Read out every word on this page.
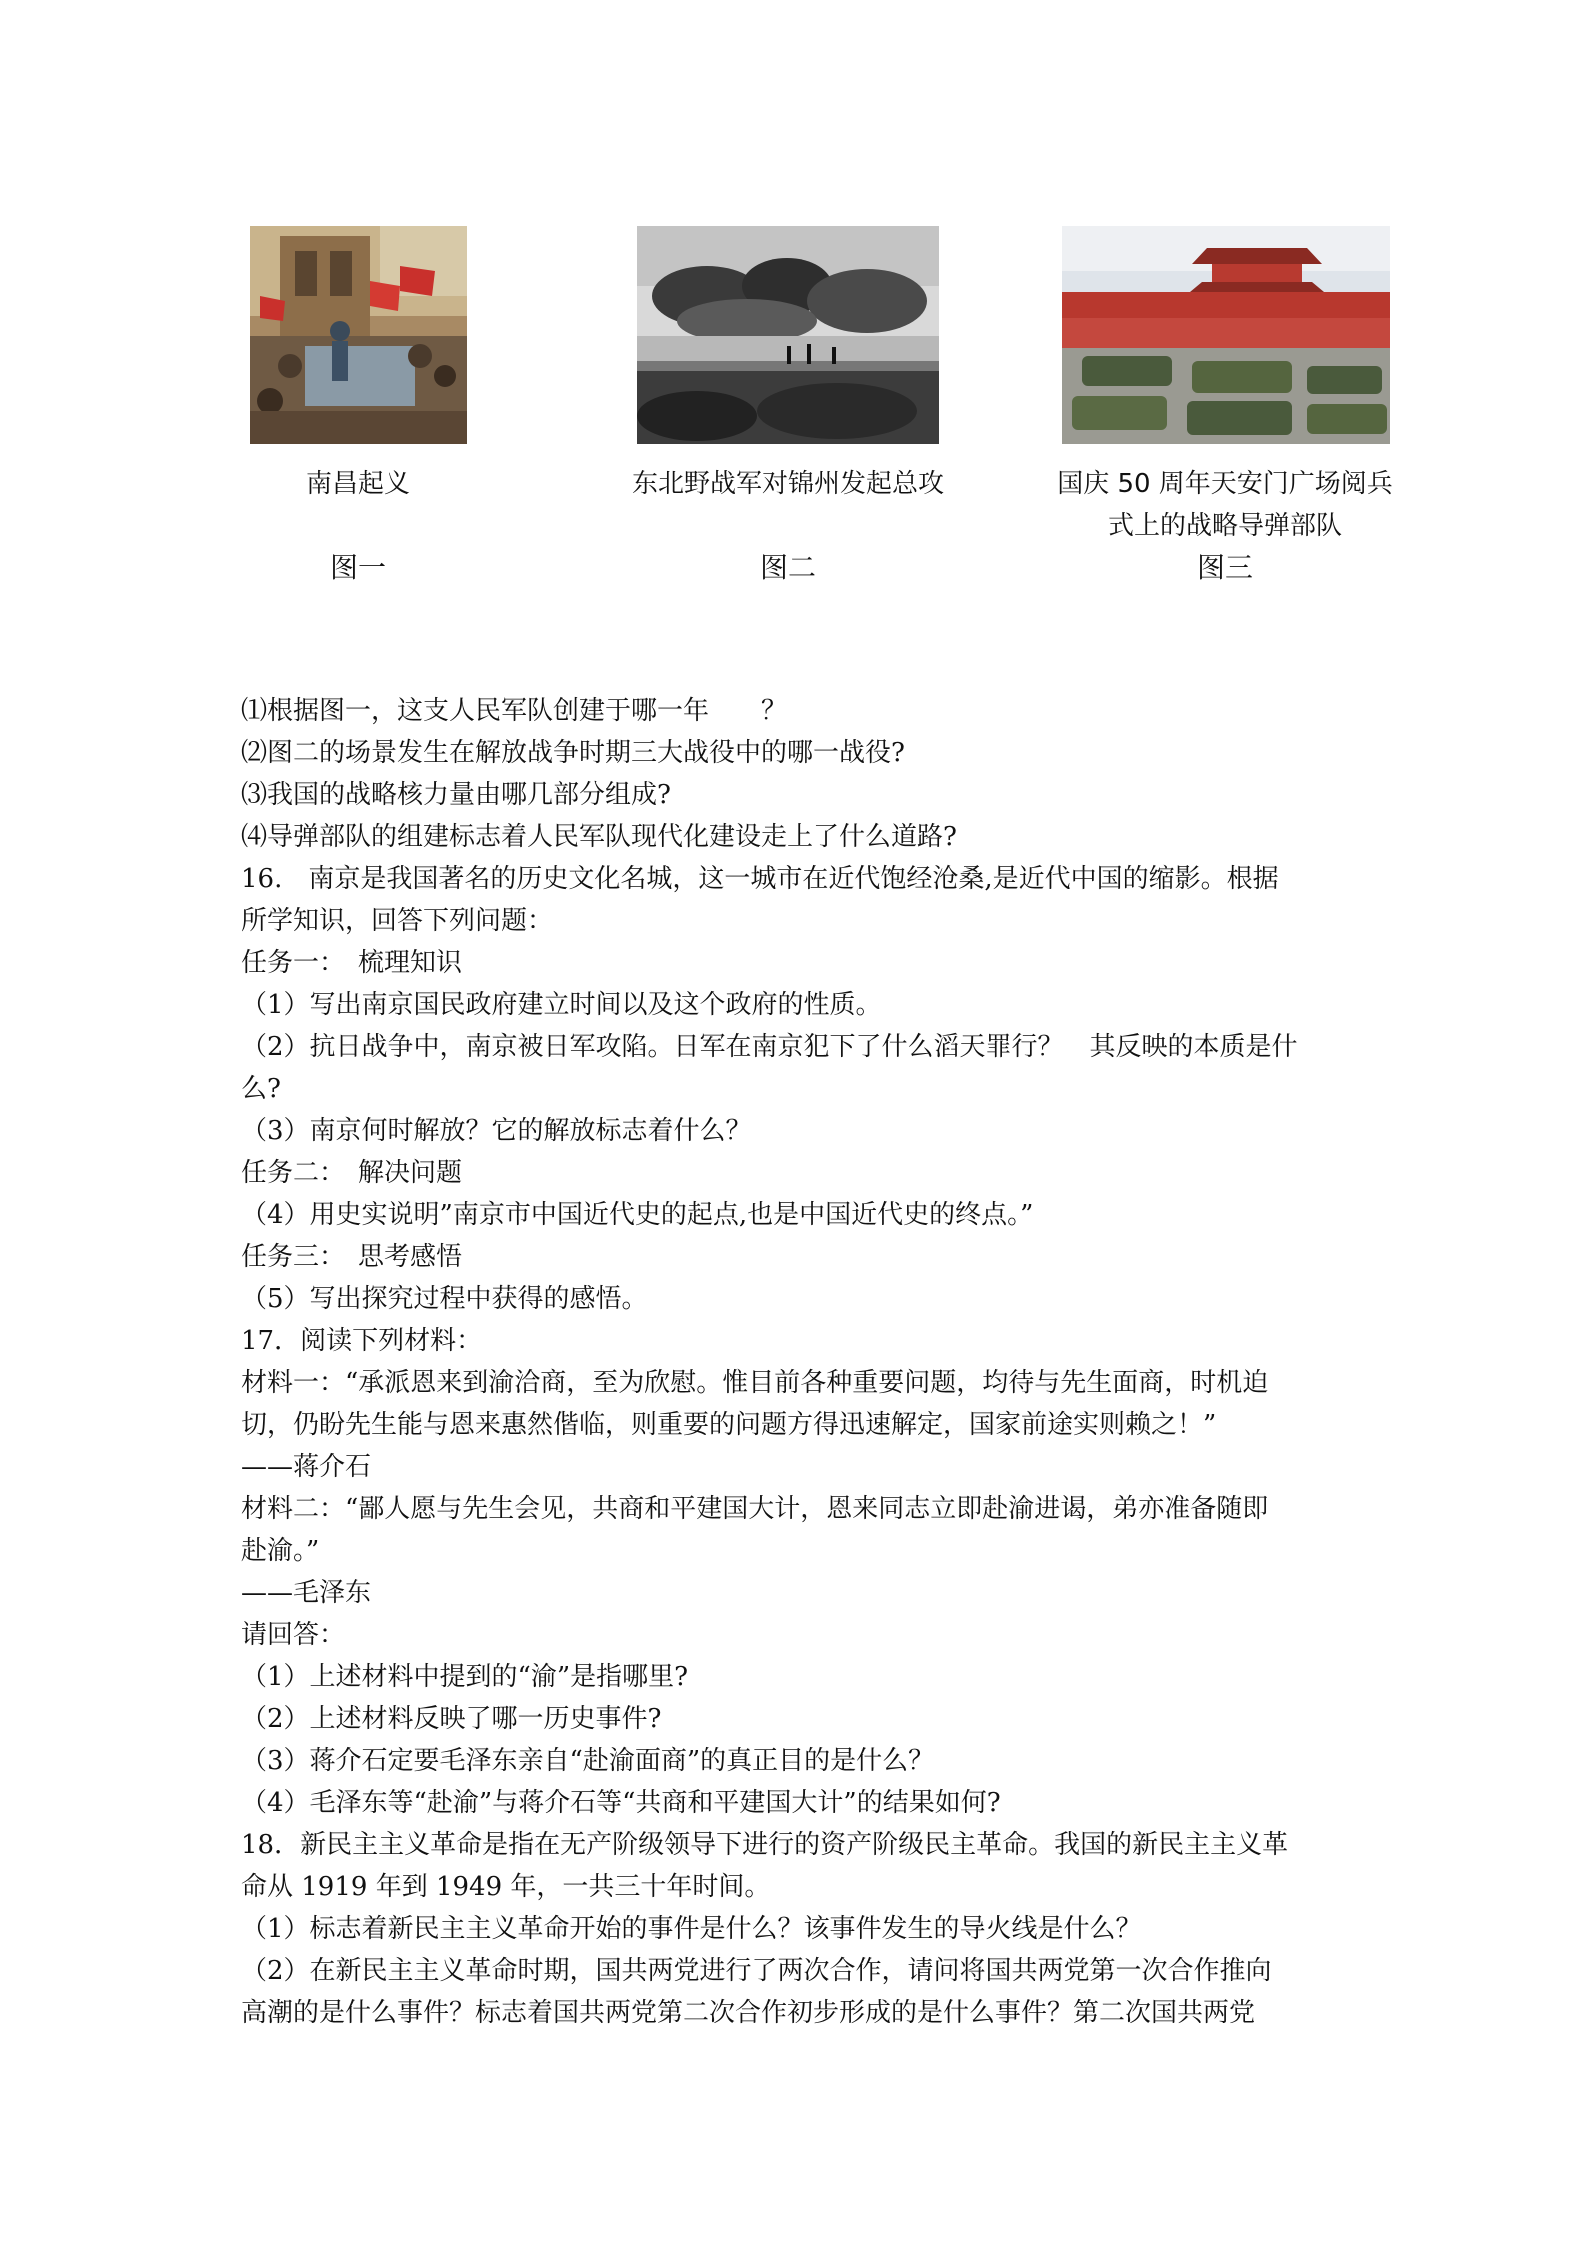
南昌起义
图一
东北野战军对锦州发起总攻
图二
国庆 50 周年天安门广场阅兵
式上的战略导弹部队
图三

⑴根据图一，这支人民军队创建于哪一年　　？

⑵图二的场景发生在解放战争时期三大战役中的哪一战役?

⑶我国的战略核力量由哪几部分组成?

⑷导弹部队的组建标志着人民军队现代化建设走上了什么道路?

16.　南京是我国著名的历史文化名城，这一城市在近代饱经沧桑,是近代中国的缩影。根据

所学知识，回答下列问题：

任务一：　梳理知识

（1）写出南京国民政府建立时间以及这个政府的性质。

（2）抗日战争中，南京被日军攻陷。日军在南京犯下了什么滔天罪行？　其反映的本质是什

么?

（3）南京何时解放？它的解放标志着什么？

任务二：　解决问题

（4）用史实说明”南京市中国近代史的起点,也是中国近代史的终点。”

任务三：　思考感悟

（5）写出探究过程中获得的感悟。

17．阅读下列材料：

材料一：“承派恩来到渝洽商，至为欣慰。惟目前各种重要问题，均待与先生面商，时机迫

切，仍盼先生能与恩来惠然偕临，则重要的问题方得迅速解定，国家前途实则赖之！”

——蒋介石

材料二：“鄙人愿与先生会见，共商和平建国大计，恩来同志立即赴渝进谒，弟亦准备随即

赴渝。”

——毛泽东

请回答：

（1）上述材料中提到的“渝”是指哪里?

（2）上述材料反映了哪一历史事件?

（3）蒋介石定要毛泽东亲自“赴渝面商”的真正目的是什么？

（4）毛泽东等“赴渝”与蒋介石等“共商和平建国大计”的结果如何?

18．新民主主义革命是指在无产阶级领导下进行的资产阶级民主革命。我国的新民主主义革

命从 1919 年到 1949 年，一共三十年时间。

（1）标志着新民主主义革命开始的事件是什么？该事件发生的导火线是什么？

（2）在新民主主义革命时期，国共两党进行了两次合作，请问将国共两党第一次合作推向

高潮的是什么事件？标志着国共两党第二次合作初步形成的是什么事件？第二次国共两党
